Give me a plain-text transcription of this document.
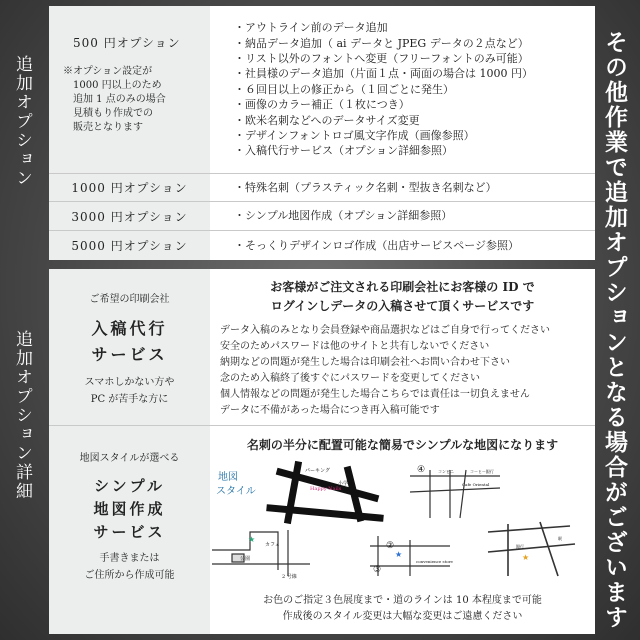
追加オプション
追加オプション詳細	その他作業で追加オプションとなる場合がございます
500 円オプション
※オプション設定が
1000 円以上のため
追加 1 点のみの場合
見積もり作成での
販売となります
・アウトライン前のデータ追加
・納品データ追加（ ai データと JPEG データの２点など）
・リスト以外のフォントへ変更（フリーフォントのみ可能）
・社員様のデータ追加（片面１点・両面の場合は 1000 円）
・６回目以上の修正から（１回ごとに発生）
・画像のカラー補正（１枚につき）
・欧米名刺などへのデータサイズ変更
・デザインフォントロゴ風文字作成（画像参照）
・入稿代行サービス（オプション詳細参照）
1000 円オプション	・特殊名刺（プラスティック名刺・型抜き名刺など）
3000 円オプション	・シンプル地図作成（オプション詳細参照）
5000 円オプション	・そっくりデザインロゴ作成（出店サービスページ参照）
ご希望の印刷会社
入稿代行
サービス
スマホしかない方や
PC が苦手な方に
お客様がご注文される印刷会社にお客様の ID で
ログインしデータの入稿させて頂くサービスです
データ入稿のみとなり会員登録や商品選択などはご自身で行ってください
安全のためパスワードは他のサイトと共有しないでください
納期などの問題が発生した場合は印刷会社へお問い合わせ下さい
念のため入稿終了後すぐにパスワードを変更してください
個人情報などの問題が発生した場合こちらでは責任は一切負えません
データに不備があった場合につき再入稿可能です
地図スタイルが選べる
シンプル
地図作成
サービス
手書きまたは
ご住所から作成可能
名刺の半分に配置可能な簡易でシンプルな地図になります
地図
スタイル
パーキング
Happy Nails
小学校
カフェ
公園
2 号線
★
②
③
★
convenience store
④	コンビニ	コーヒー銀行
Cafe Oriental
銀行
駅
★
お色のご指定３色展度まで・道のラインは 10 本程度まで可能
作成後のスタイル変更は大幅な変更はご遠慮ください
